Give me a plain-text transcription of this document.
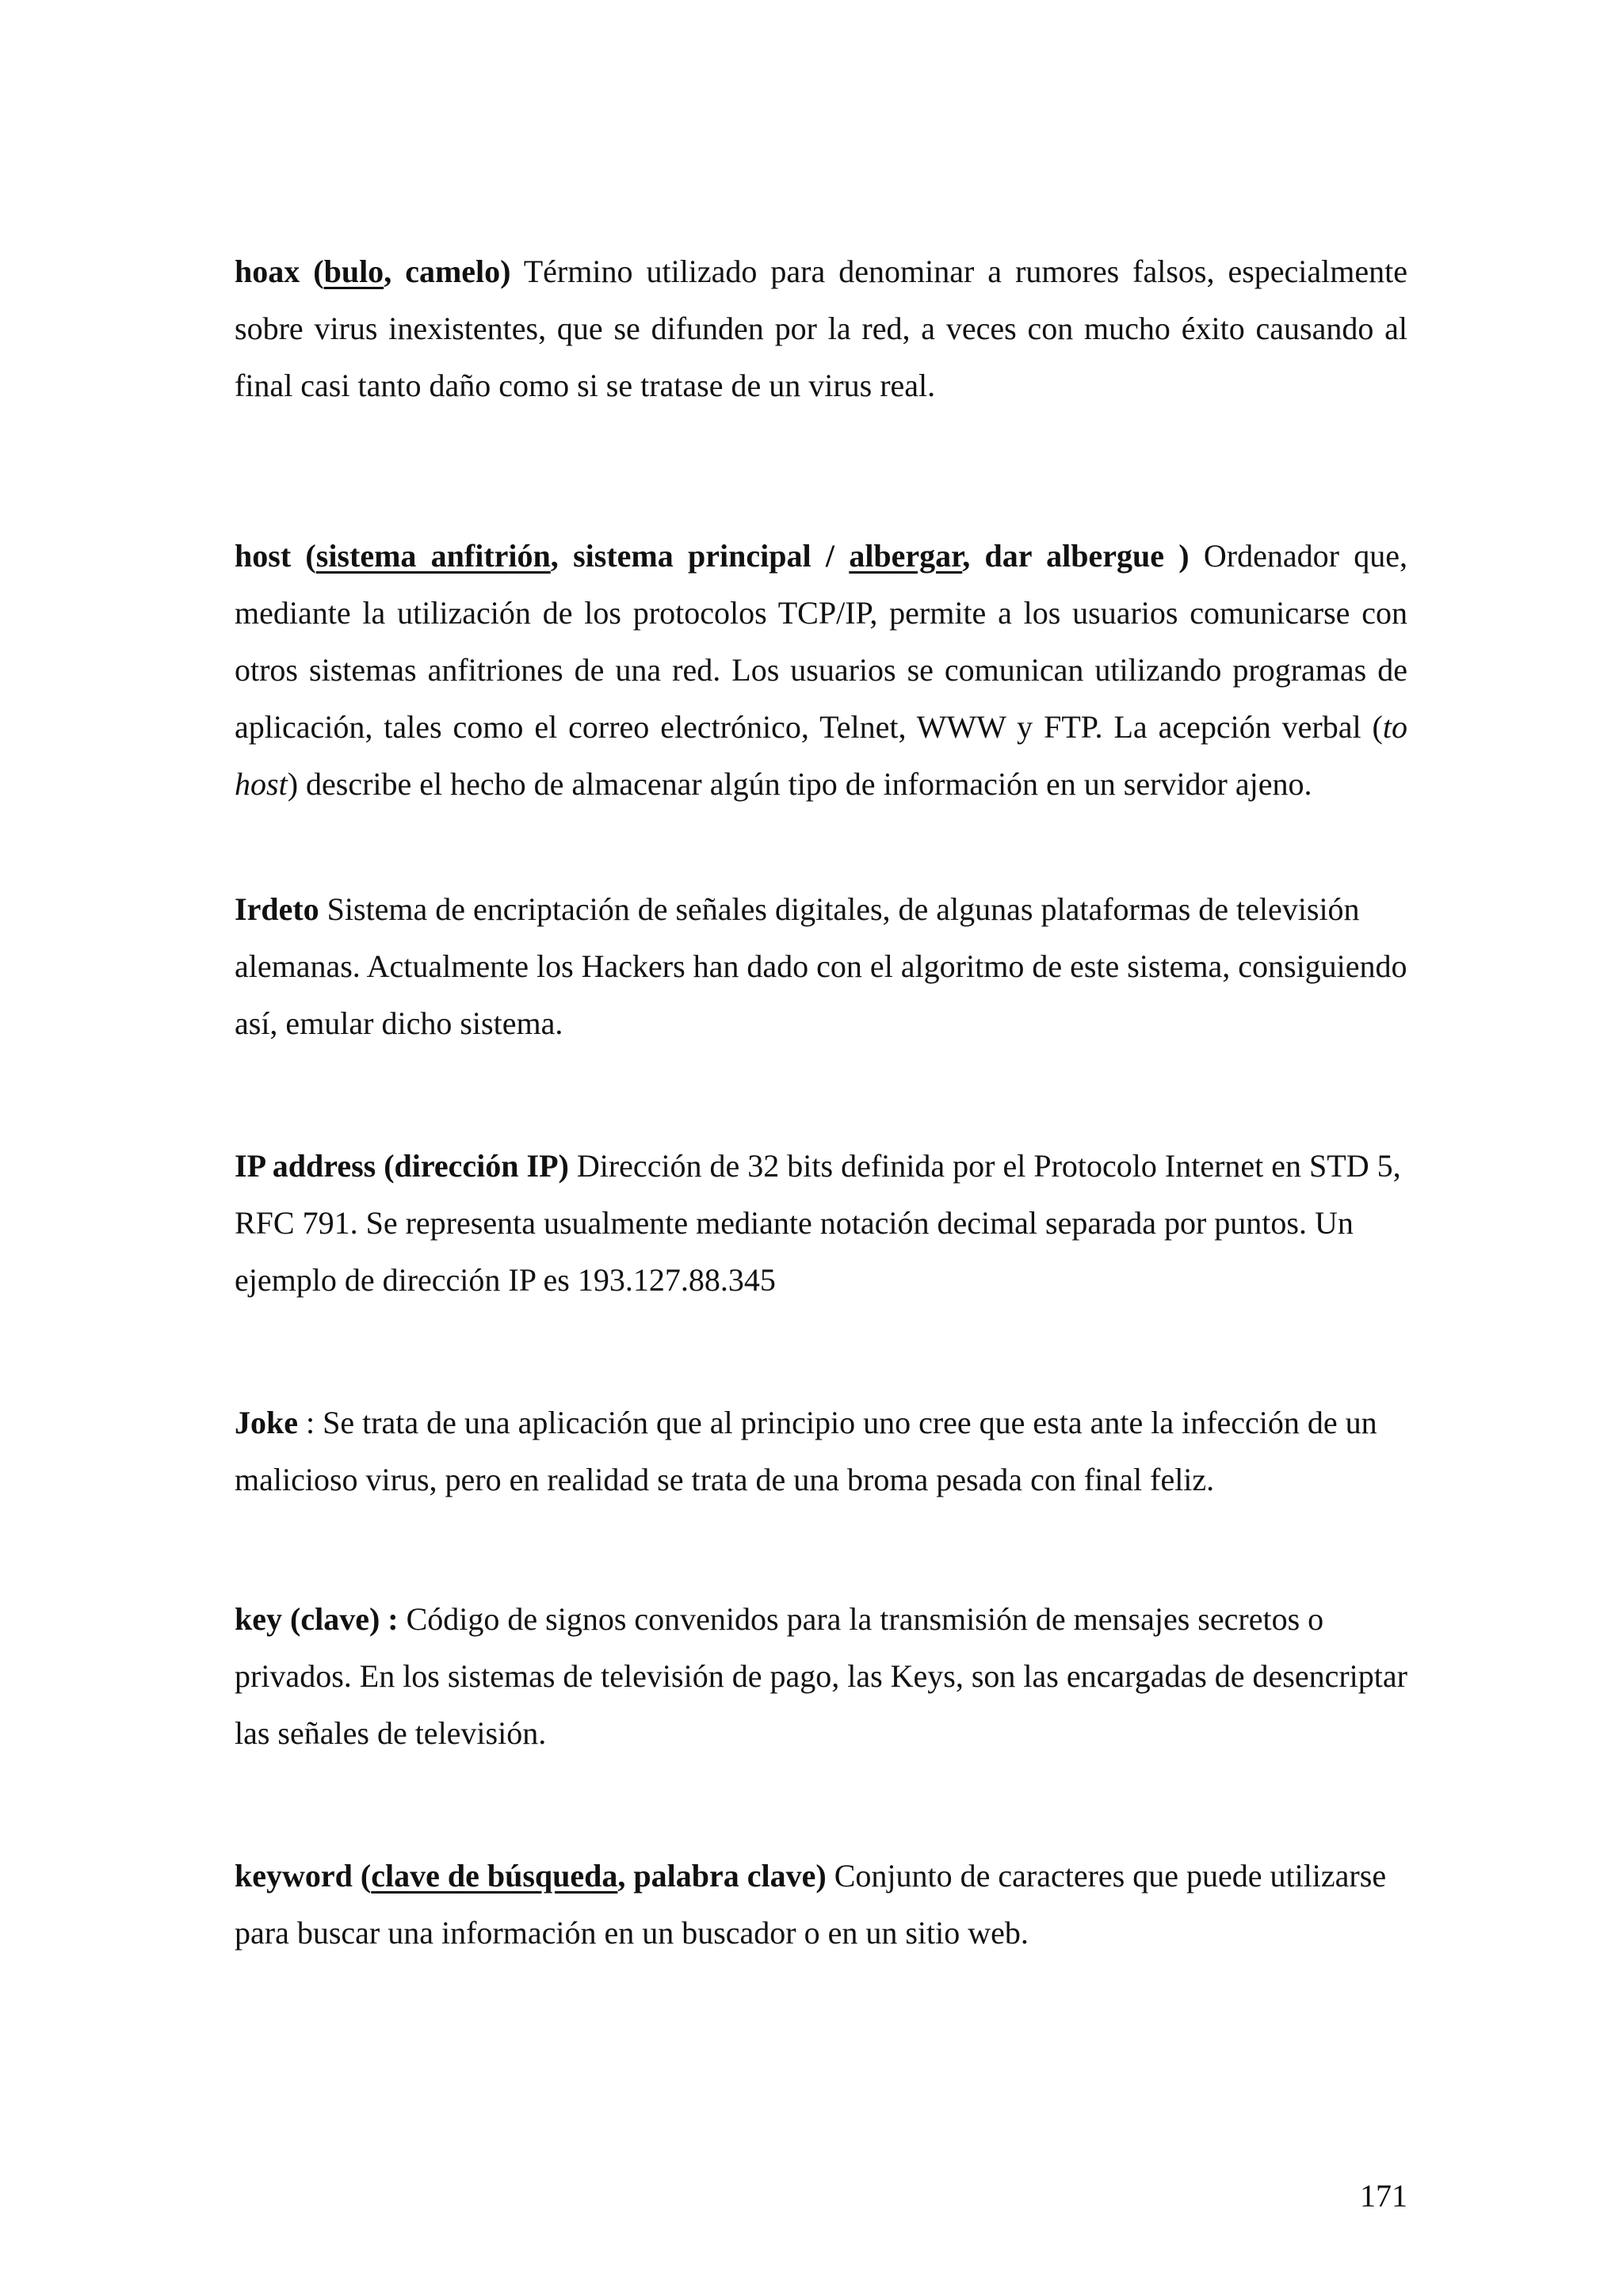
hoax (bulo, camelo) Término utilizado para denominar a rumores falsos, especialmente sobre virus inexistentes, que se difunden por la red, a veces con mucho éxito causando al final casi tanto daño como si se tratase de un virus real.

host (sistema anfitrión, sistema principal / albergar, dar albergue ) Ordenador que, mediante la utilización de los protocolos TCP/IP, permite a los usuarios comunicarse con otros sistemas anfitriones de una red. Los usuarios se comunican utilizando programas de aplicación, tales como el correo electrónico, Telnet, WWW y FTP. La acepción verbal (to host) describe el hecho de almacenar algún tipo de información en un servidor ajeno.

Irdeto Sistema de encriptación de señales digitales, de algunas plataformas de televisión alemanas. Actualmente los Hackers han dado con el algoritmo de este sistema, consiguiendo así, emular dicho sistema.

IP address (dirección IP) Dirección de 32 bits definida por el Protocolo Internet en STD 5, RFC 791. Se representa usualmente mediante notación decimal separada por puntos. Un ejemplo de dirección IP es 193.127.88.345

Joke : Se trata de una aplicación que al principio uno cree que esta ante la infección de un malicioso virus, pero en realidad se trata de una broma pesada con final feliz.

key (clave) : Código de signos convenidos para la transmisión de mensajes secretos o privados. En los sistemas de televisión de pago, las Keys, son las encargadas de desencriptar las señales de televisión.

keyword (clave de búsqueda, palabra clave) Conjunto de caracteres que puede utilizarse para buscar una información en un buscador o en un sitio web.

171
